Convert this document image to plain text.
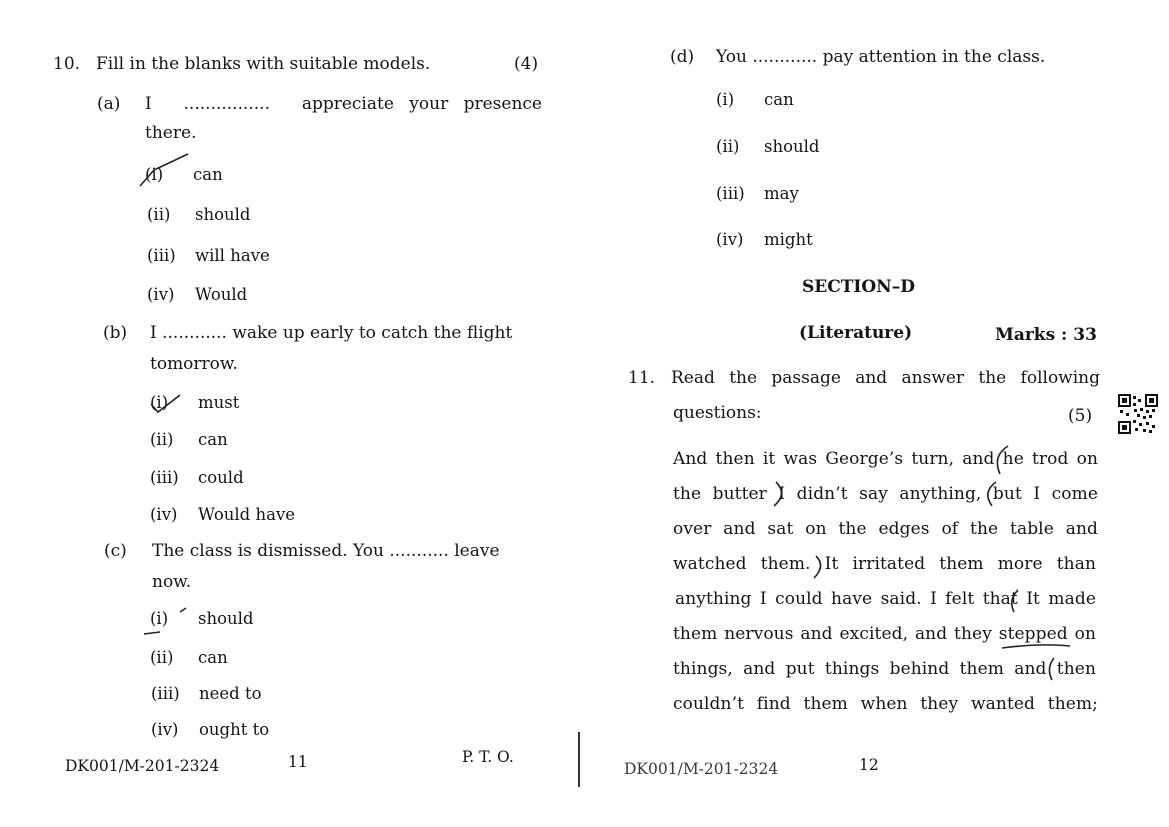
10. Fill in the blanks with suitable models.	(4)
(a) I ................ appreciate your presence
there.
(i) can
(ii) should
(iii) will have
(iv) Would
(b) I ............ wake up early to catch the flight
tomorrow.
(i) must
(ii) can
(iii) could
(iv) Would have
(c) The class is dismissed. You ........... leave
now.
(i) should
(ii) can
(iii) need to
(iv) ought to
DK001/M-201-2324	11	P. T. O.
(d) You ............ pay attention in the class.
(i) can
(ii) should
(iii) may
(iv) might
SECTION–D
(Literature)	Marks : 33
11. Read the passage and answer the following
questions:	(5)
And then it was George’s turn, and he trod on
the butter I didn’t say anything, but I come
over and sat on the edges of the table and
watched them. It irritated them more than
anything I could have said. I felt that It made
them nervous and excited, and they stepped on
things, and put things behind them and then
couldn’t find them when they wanted them;
DK001/M-201-2324	12
